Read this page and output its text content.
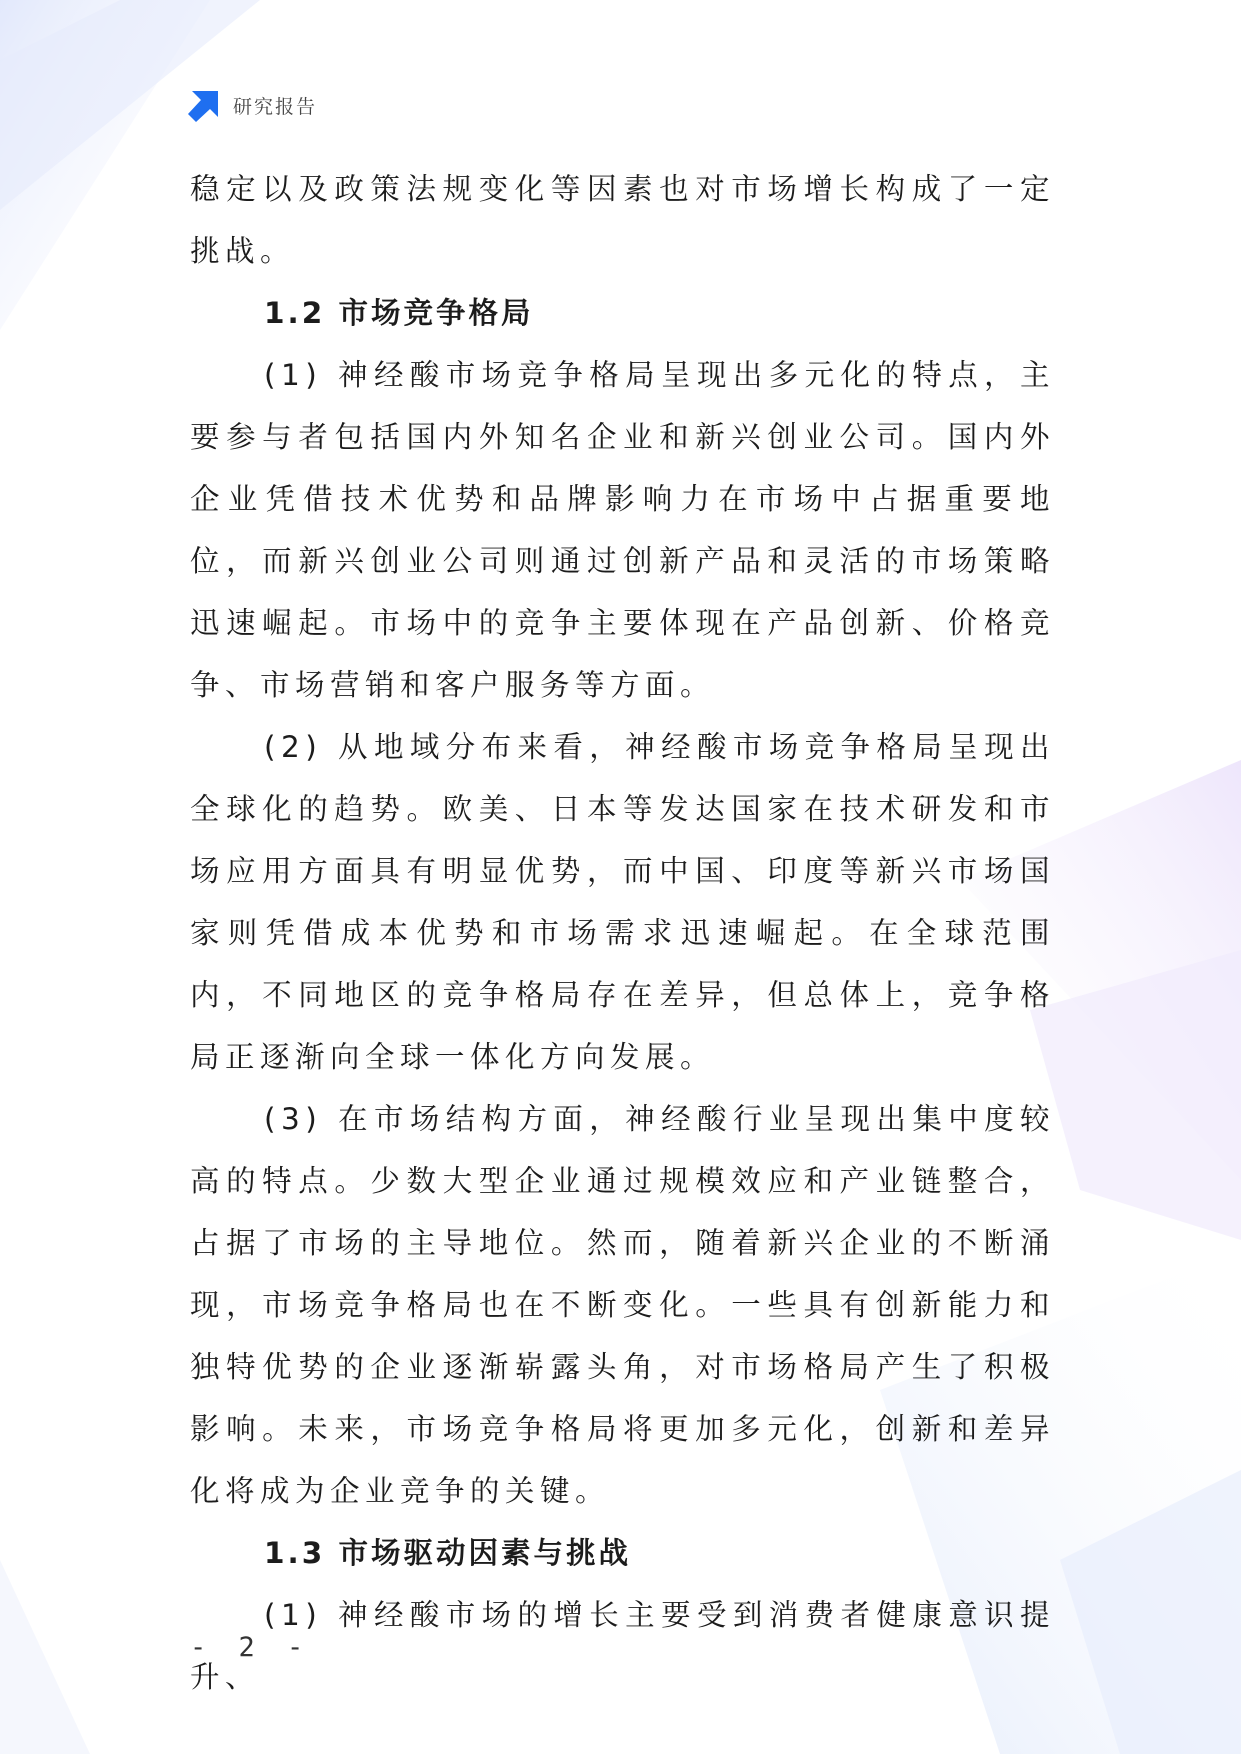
研究报告

稳定以及政策法规变化等因素也对市场增长构成了一定挑战。

1.2 市场竞争格局

(1) 神经酸市场竞争格局呈现出多元化的特点，主要参与者包括国内外知名企业和新兴创业公司。国内外企业凭借技术优势和品牌影响力在市场中占据重要地位，而新兴创业公司则通过创新产品和灵活的市场策略迅速崛起。市场中的竞争主要体现在产品创新、价格竞争、市场营销和客户服务等方面。

(2) 从地域分布来看，神经酸市场竞争格局呈现出全球化的趋势。欧美、日本等发达国家在技术研发和市场应用方面具有明显优势，而中国、印度等新兴市场国家则凭借成本优势和市场需求迅速崛起。在全球范围内，不同地区的竞争格局存在差异，但总体上，竞争格局正逐渐向全球一体化方向发展。

(3) 在市场结构方面，神经酸行业呈现出集中度较高的特点。少数大型企业通过规模效应和产业链整合，占据了市场的主导地位。然而，随着新兴企业的不断涌现，市场竞争格局也在不断变化。一些具有创新能力和独特优势的企业逐渐崭露头角，对市场格局产生了积极影响。未来，市场竞争格局将更加多元化，创新和差异化将成为企业竞争的关键。

1.3 市场驱动因素与挑战

(1) 神经酸市场的增长主要受到消费者健康意识提升、

- 2 -
